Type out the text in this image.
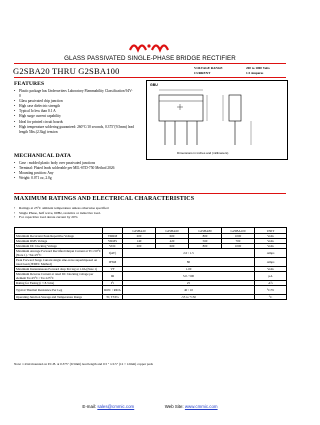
GLASS PASSIVATED SINGLE-PHASE BRIDGE RECTIFIER
G2SBA20 THRU G2SBA100	VOLTAGE RANGE	200 to 1000 Volts
CURRENT	1.5 Amperes
FEATURES
• Plastic package has Underwriters Laboratory Flammability Classification 94V-0
• Glass passivated chip junction
• High case dielectric strength
• Typical Io less than 0.1 A
• High surge current capability
• Ideal for printed circuit boards
• High temperature soldering guaranteed: 260°C/10 seconds, 0.375"(9.5mm) lead length 5lbs.(2.3kg) tension
MECHANICAL DATA
• Case : molded plastic body over passivated junctions
• Terminal: Plated leads solderable per MIL-STD-750 Method 2026
• Mounting position: Any
• Weight: 0.071 oz, 2.0g
GBU
Dimensions in inches and (millimeters)
MAXIMUM RATINGS AND ELECTRICAL CHARACTERISTICS
• Ratings at 25°C ambient temperature unless otherwise specified
• Single Phase, half wave, 60Hz, resistive or inductive load.
• For capacitive load derate current by 20%
		G2SBA20	G2SBA60	G2SBA80	G2SBA100	UNIT
Maximum Recurrent Peak Repetitive Voltage	VRRM	200	600	800	1000	Volts
Maximum RMS Voltage	VRMS	140	420	560	700	Volts
Maximum DC blocking Voltage	VDC	200	600	800	1000	Volts
Maximum Average Forward Rectified Output Current at TC=50°C (Note 1) / TA=25°C	I(AV)	2.0 / 1.5				Amps
Peak Forward Surge Current single sine-wave superimposed on rated load (JEDEC Method)	IFSM	80				Amps
Maximum Instantaneous Forward drop Per leg at 1.0A (Note 1)	VF	1.00				Volts
Maximum Reverse Current at rated DC blocking voltage per element Ta=25°C / Ta=125°C	IR	5.0 / 500				µA
Rating for Fusing (t < 8.3 ms)	I²t	25				A²s
Typical Thermal Resistance Per Leg	RθJC / RθJA	40 / 10				°C/W
Operating Junction Storage and Temperature Range	TJ, TSTG	-55 to +150				°C
Note: 1.Unit mounted on P.C.B. at 0.375" (9.5mm) lead length and 0.5 " x 0.5" (12 × 12mm) copper pads
E-mail: sales@cmmic.com	Web Site: www.cmmic.com
